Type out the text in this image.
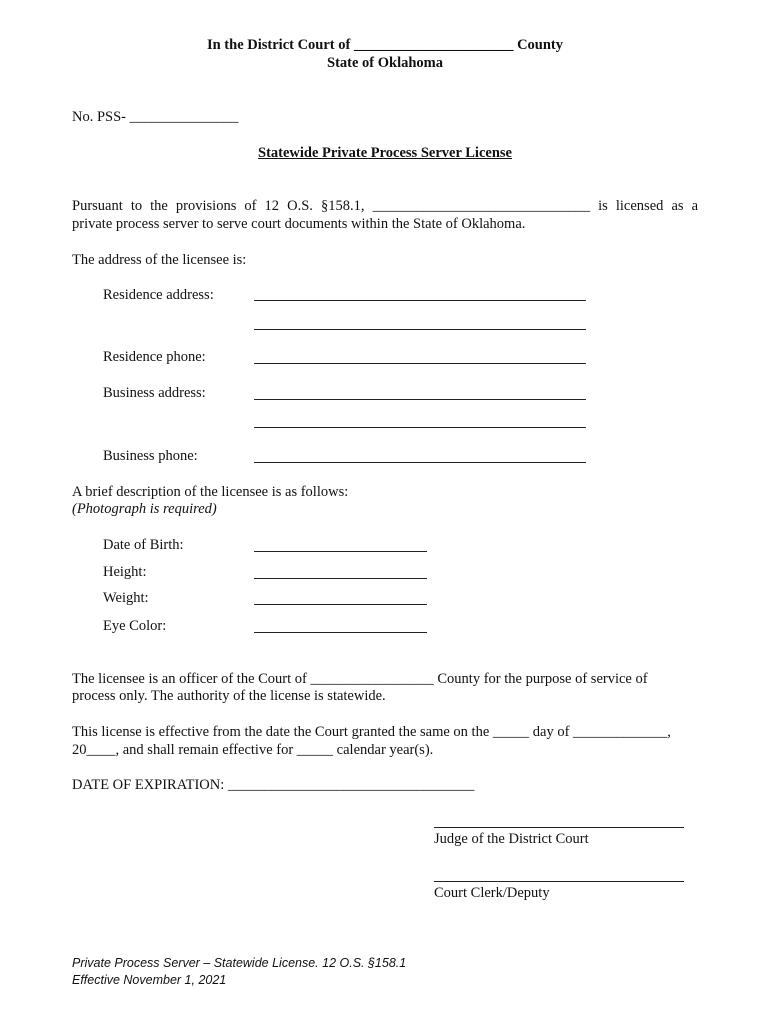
In the District Court of ______________________ County
State of Oklahoma
No. PSS- _______________
Statewide Private Process Server License
Pursuant to the provisions of 12 O.S. §158.1, ______________________________ is licensed as a
private process server to serve court documents within the State of Oklahoma.
The address of the licensee is:
Residence address:
Residence phone:
Business address:
Business phone:
A brief description of the licensee is as follows:
(Photograph is required)
Date of Birth:
Height:
Weight:
Eye Color:
The licensee is an officer of the Court of _________________ County for the purpose of service of
process only. The authority of the license is statewide.
This license is effective from the date the Court granted the same on the _____ day of _____________,
20____, and shall remain effective for _____ calendar year(s).
DATE OF EXPIRATION: __________________________________
Judge of the District Court
Court Clerk/Deputy
Private Process Server – Statewide License. 12 O.S. §158.1
Effective November 1, 2021
